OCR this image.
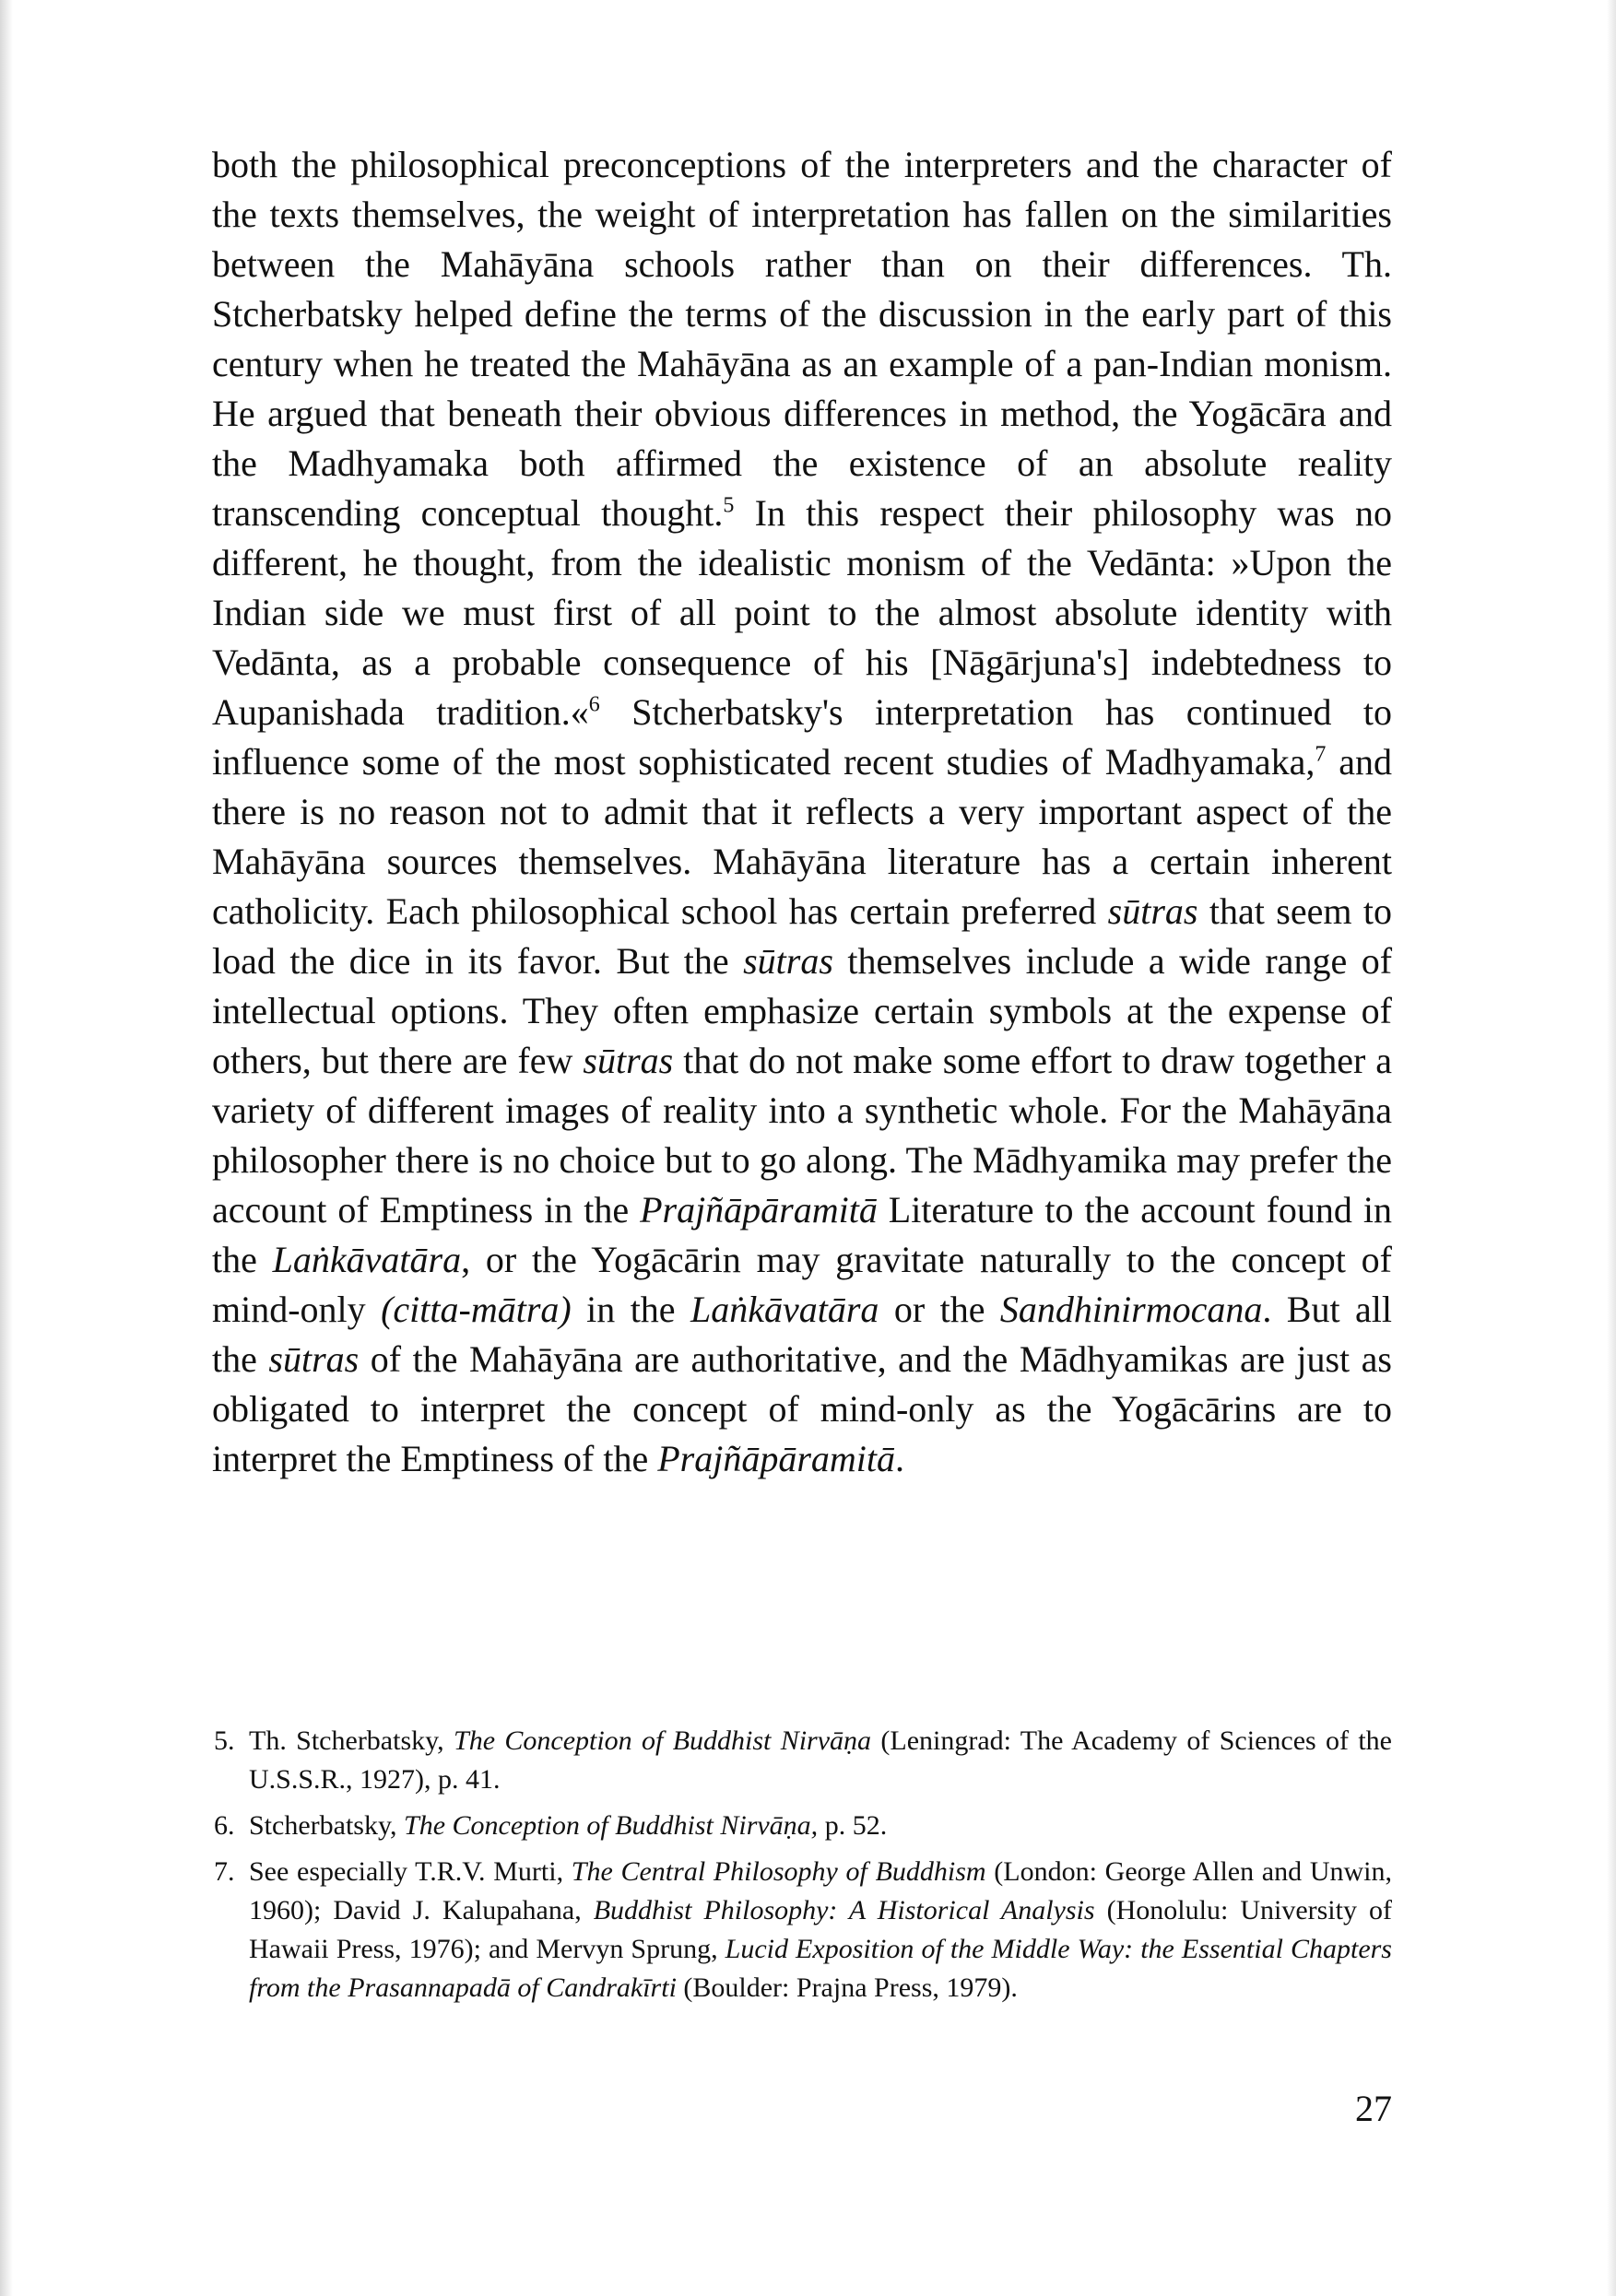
both the philosophical preconceptions of the interpreters and the character of the texts themselves, the weight of interpretation has fallen on the similarities between the Mahāyāna schools rather than on their differences. Th. Stcherbatsky helped define the terms of the discussion in the early part of this century when he treated the Mahāyāna as an example of a pan-Indian monism. He argued that beneath their obvious differences in method, the Yogācāra and the Madhyamaka both affirmed the existence of an absolute reality transcending conceptual thought.$^5$ In this respect their philosophy was no different, he thought, from the idealistic monism of the Vedānta: »Upon the Indian side we must first of all point to the almost absolute identity with Vedānta, as a probable consequence of his [Nāgārjuna's] indebtedness to Aupanishada tradition.«$^6$ Stcherbatsky's interpretation has continued to influence some of the most sophisticated recent studies of Madhyamaka,$^7$ and there is no reason not to admit that it reflects a very important aspect of the Mahāyāna sources themselves. Mahāyāna literature has a certain inherent catholicity. Each philosophical school has certain preferred sūtras that seem to load the dice in its favor. But the sūtras themselves include a wide range of intellectual options. They often emphasize certain symbols at the expense of others, but there are few sūtras that do not make some effort to draw together a variety of different images of reality into a synthetic whole. For the Mahāyāna philosopher there is no choice but to go along. The Mādhyamika may prefer the account of Emptiness in the Prajñāpāramitā Literature to the account found in the Laṅkāvatāra, or the Yogācārin may gravitate naturally to the concept of mind-only (citta-mātra) in the Laṅkāvatāra or the Sandhinirmocana. But all the sūtras of the Mahāyāna are authoritative, and the Mādhyamikas are just as obligated to interpret the concept of mind-only as the Yogācārins are to interpret the Emptiness of the Prajñāpāramitā.

5. Th. Stcherbatsky, The Conception of Buddhist Nirvāṇa (Leningrad: The Academy of Sciences of the U.S.S.R., 1927), p. 41.
6. Stcherbatsky, The Conception of Buddhist Nirvāṇa, p. 52.
7. See especially T.R.V. Murti, The Central Philosophy of Buddhism (London: George Allen and Unwin, 1960); David J. Kalupahana, Buddhist Philosophy: A Historical Analysis (Honolulu: University of Hawaii Press, 1976); and Mervyn Sprung, Lucid Exposition of the Middle Way: the Essential Chapters from the Prasannapadā of Candrakīrti (Boulder: Prajna Press, 1979).
27
